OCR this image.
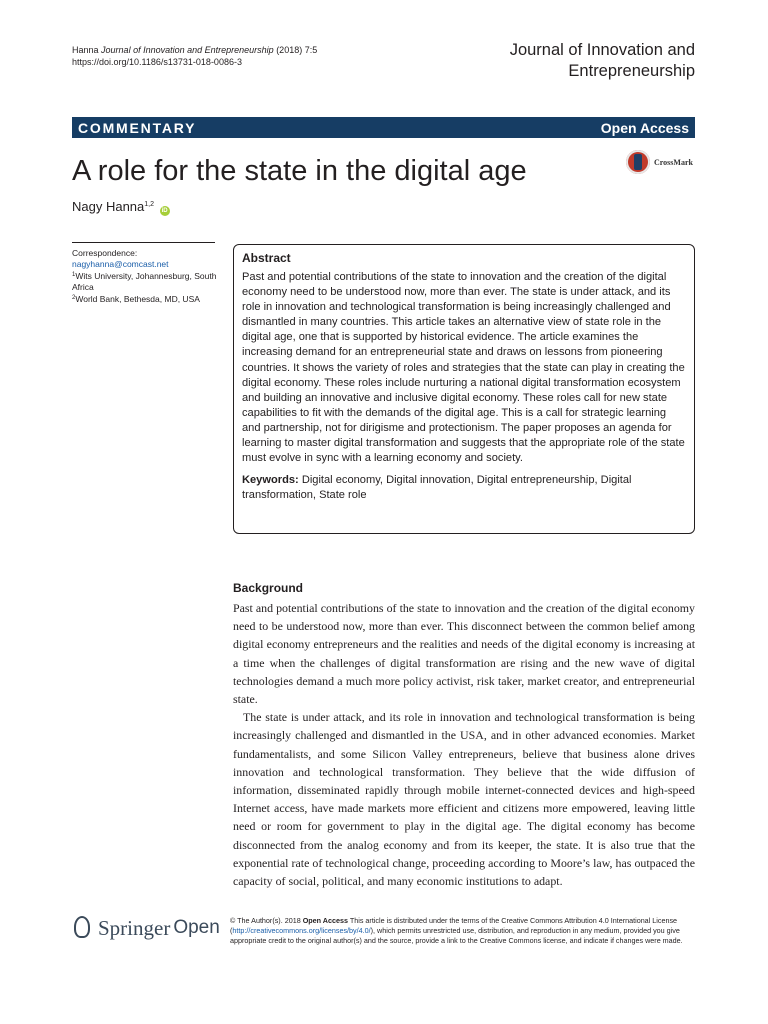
Hanna Journal of Innovation and Entrepreneurship (2018) 7:5
https://doi.org/10.1186/s13731-018-0086-3
Journal of Innovation and
Entrepreneurship
COMMENTARY	Open Access
A role for the state in the digital age	CrossMark
Nagy Hanna$^{1,2}$ iD
Correspondence:
nagyhanna@comcast.net
$^1$Wits University, Johannesburg, South Africa
$^2$World Bank, Bethesda, MD, USA
Abstract

Past and potential contributions of the state to innovation and the creation of the digital economy need to be understood now, more than ever. The state is under attack, and its role in innovation and technological transformation is being increasingly challenged and dismantled in many countries. This article takes an alternative view of state role in the digital age, one that is supported by historical evidence. The article examines the increasing demand for an entrepreneurial state and draws on lessons from pioneering countries. It shows the variety of roles and strategies that the state can play in creating the digital economy. These roles include nurturing a national digital transformation ecosystem and building an innovative and inclusive digital economy. These roles call for new state capabilities to fit with the demands of the digital age. This is a call for strategic learning and partnership, not for dirigisme and protectionism. The paper proposes an agenda for learning to master digital transformation and suggests that the appropriate role of the state must evolve in sync with a learning economy and society.

Keywords: Digital economy, Digital innovation, Digital entrepreneurship, Digital transformation, State role

Background

Past and potential contributions of the state to innovation and the creation of the digital economy need to be understood now, more than ever. This disconnect between the common belief among digital economy entrepreneurs and the realities and needs of the digital economy is increasing at a time when the challenges of digital transformation are rising and the new wave of digital technologies demand a much more policy activist, risk taker, market creator, and entrepreneurial state.

The state is under attack, and its role in innovation and technological transformation is being increasingly challenged and dismantled in the USA, and in other advanced economies. Market fundamentalists, and some Silicon Valley entrepreneurs, believe that business alone drives innovation and technological transformation. They believe that the wide diffusion of information, disseminated rapidly through mobile internet-connected devices and high-speed Internet access, have made markets more efficient and citizens more empowered, leaving little need or room for government to play in the digital age. The digital economy has become disconnected from the analog economy and from its keeper, the state. It is also true that the exponential rate of technological change, proceeding according to Moore’s law, has outpaced the capacity of social, political, and many economic institutions to adapt.

Springer Open © The Author(s). 2018 Open Access This article is distributed under the terms of the Creative Commons Attribution 4.0 International License (http://creativecommons.org/licenses/by/4.0/), which permits unrestricted use, distribution, and reproduction in any medium, provided you give appropriate credit to the original author(s) and the source, provide a link to the Creative Commons license, and indicate if changes were made.
